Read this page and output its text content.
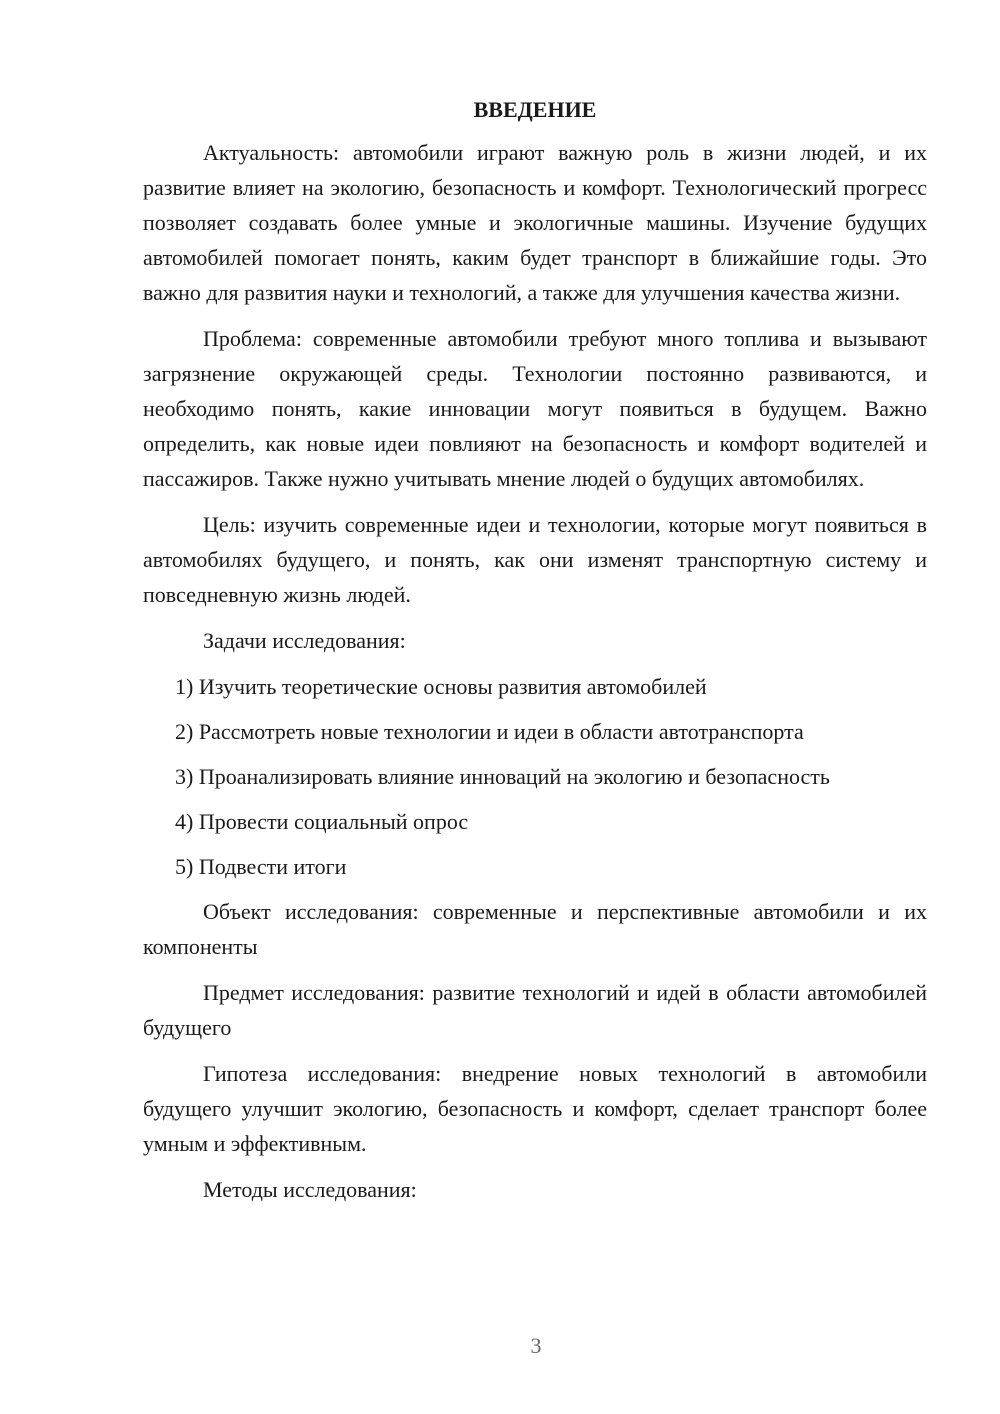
ВВЕДЕНИЕ

Актуальность: автомобили играют важную роль в жизни людей, и их развитие влияет на экологию, безопасность и комфорт. Технологический прогресс позволяет создавать более умные и экологичные машины. Изучение будущих автомобилей помогает понять, каким будет транспорт в ближайшие годы. Это важно для развития науки и технологий, а также для улучшения качества жизни.

Проблема: современные автомобили требуют много топлива и вызывают загрязнение окружающей среды. Технологии постоянно развиваются, и необходимо понять, какие инновации могут появиться в будущем. Важно определить, как новые идеи повлияют на безопасность и комфорт водителей и пассажиров. Также нужно учитывать мнение людей о будущих автомобилях.

Цель: изучить современные идеи и технологии, которые могут появиться в автомобилях будущего, и понять, как они изменят транспортную систему и повседневную жизнь людей.

Задачи исследования:

1) Изучить теоретические основы развития автомобилей
2) Рассмотреть новые технологии и идеи в области автотранспорта
3) Проанализировать влияние инноваций на экологию и безопасность
4) Провести социальный опрос
5) Подвести итоги

Объект исследования: современные и перспективные автомобили и их компоненты

Предмет исследования: развитие технологий и идей в области автомобилей будущего

Гипотеза исследования: внедрение новых технологий в автомобили будущего улучшит экологию, безопасность и комфорт, сделает транспорт более умным и эффективным.

Методы исследования:

3
